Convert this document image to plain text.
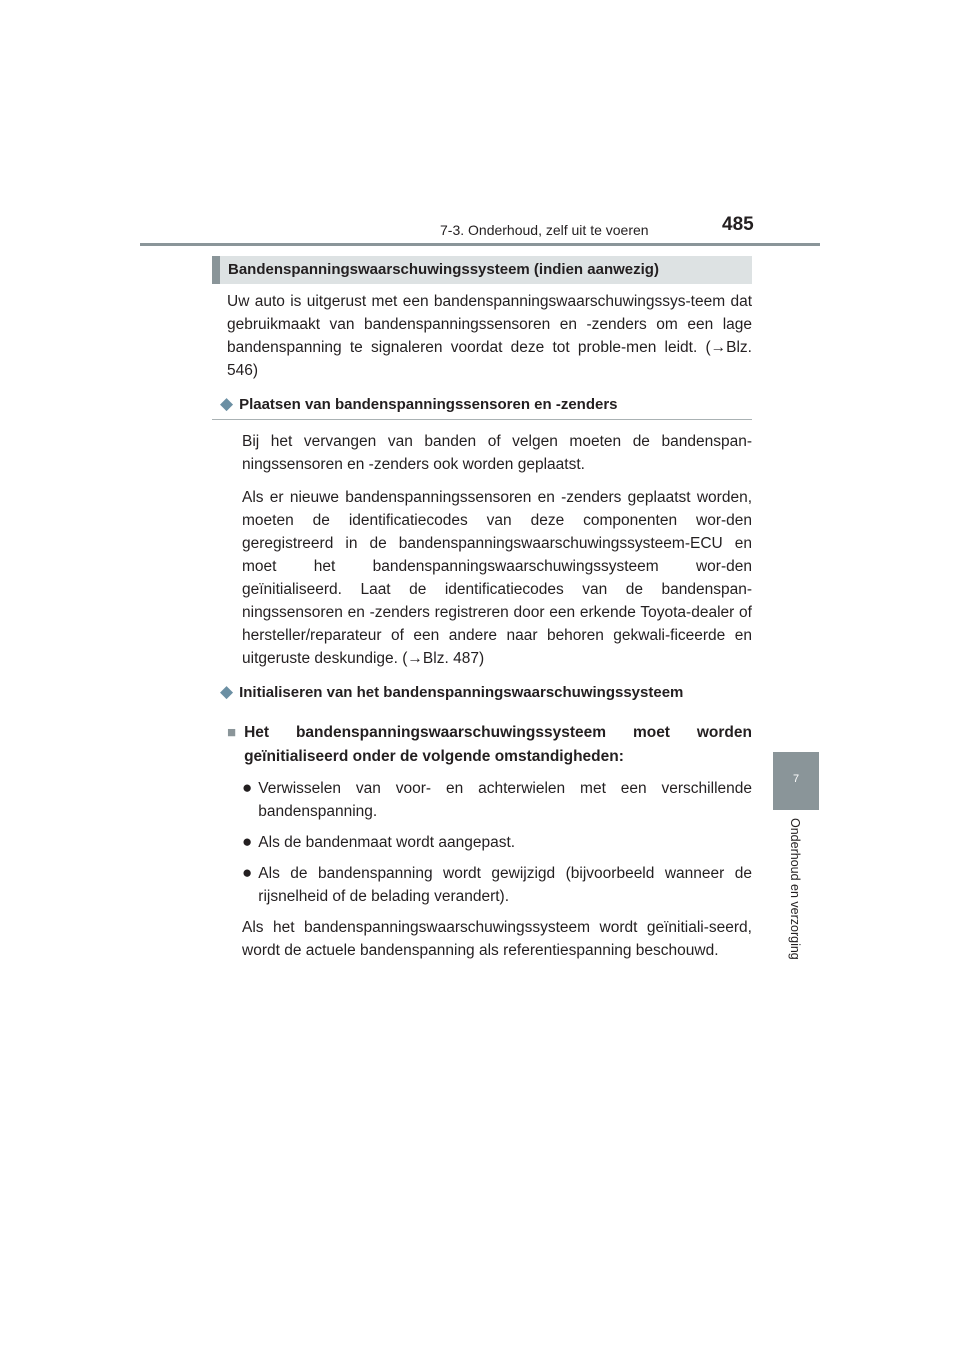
7-3. Onderhoud, zelf uit te voeren	485
7
Onderhoud en verzorging
Bandenspanningswaarschuwingssysteem (indien aanwezig)

Uw auto is uitgerust met een bandenspanningswaarschuwingssys-teem dat gebruikmaakt van bandenspanningssensoren en -zenders om een lage bandenspanning te signaleren voordat deze tot proble-men leidt. (→Blz. 546)

◆ Plaatsen van bandenspanningssensoren en -zenders

Bij het vervangen van banden of velgen moeten de bandenspan-ningssensoren en -zenders ook worden geplaatst.

Als er nieuwe bandenspanningssensoren en -zenders geplaatst worden, moeten de identificatiecodes van deze componenten wor-den geregistreerd in de bandenspanningswaarschuwingssysteem-ECU en moet het bandenspanningswaarschuwingssysteem wor-den geïnitialiseerd. Laat de identificatiecodes van de bandenspan-ningssensoren en -zenders registreren door een erkende Toyota-dealer of hersteller/reparateur of een andere naar behoren gekwali-ficeerde en uitgeruste deskundige. (→Blz. 487)

◆ Initialiseren van het bandenspanningswaarschuwingssysteem
■ Het bandenspanningswaarschuwingssysteem moet worden geïnitialiseerd onder de volgende omstandigheden:
● Verwisselen van voor- en achterwielen met een verschillende bandenspanning.
● Als de bandenmaat wordt aangepast.
● Als de bandenspanning wordt gewijzigd (bijvoorbeeld wanneer de rijsnelheid of de belading verandert).

Als het bandenspanningswaarschuwingssysteem wordt geïnitiali-seerd, wordt de actuele bandenspanning als referentiespanning beschouwd.
